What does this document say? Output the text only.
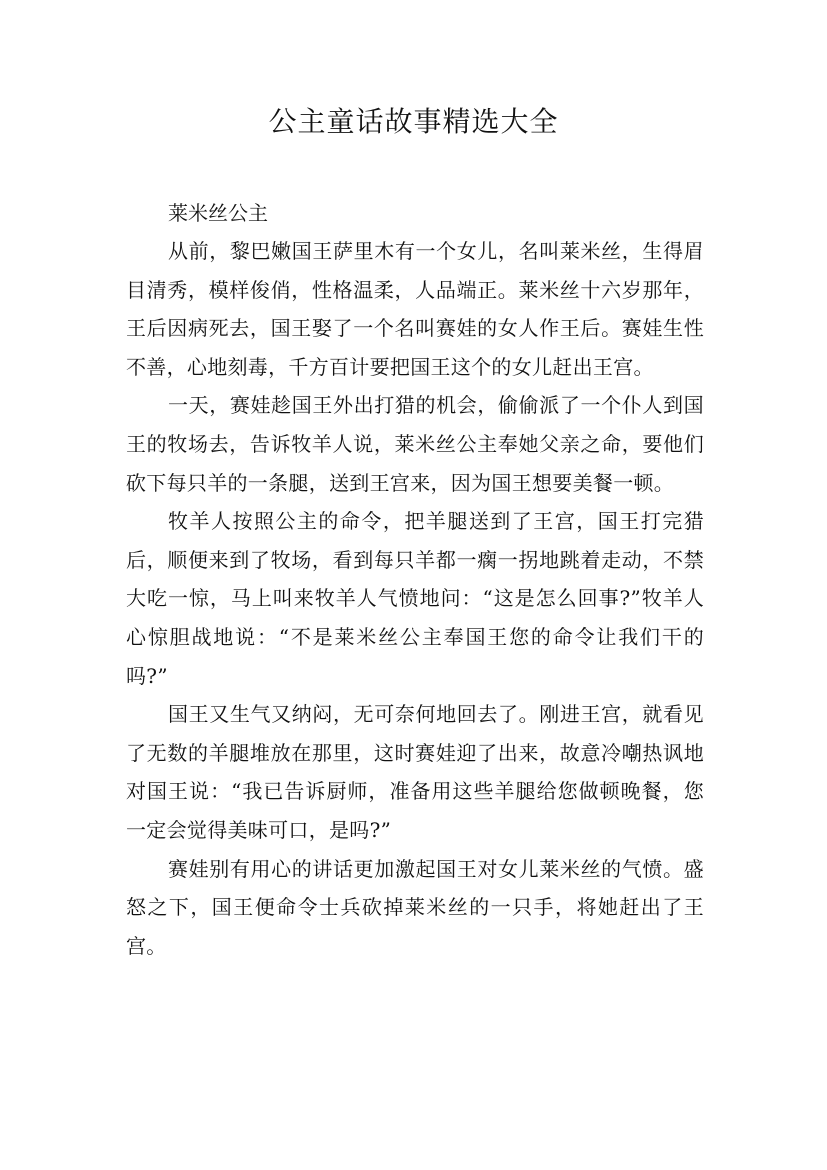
公主童话故事精选大全

莱米丝公主

从前，黎巴嫩国王萨里木有一个女儿，名叫莱米丝，生得眉目清秀，模样俊俏，性格温柔，人品端正。莱米丝十六岁那年，王后因病死去，国王娶了一个名叫赛娃的女人作王后。赛娃生性不善，心地刻毒，千方百计要把国王这个的女儿赶出王宫。

一天，赛娃趁国王外出打猎的机会，偷偷派了一个仆人到国王的牧场去，告诉牧羊人说，莱米丝公主奉她父亲之命，要他们砍下每只羊的一条腿，送到王宫来，因为国王想要美餐一顿。

牧羊人按照公主的命令，把羊腿送到了王宫，国王打完猎后，顺便来到了牧场，看到每只羊都一瘸一拐地跳着走动，不禁大吃一惊，马上叫来牧羊人气愤地问：“这是怎么回事?”牧羊人心惊胆战地说：“不是莱米丝公主奉国王您的命令让我们干的吗?”

国王又生气又纳闷，无可奈何地回去了。刚进王宫，就看见了无数的羊腿堆放在那里，这时赛娃迎了出来，故意冷嘲热讽地对国王说：“我已告诉厨师，准备用这些羊腿给您做顿晚餐，您一定会觉得美味可口，是吗?”

赛娃别有用心的讲话更加激起国王对女儿莱米丝的气愤。盛怒之下，国王便命令士兵砍掉莱米丝的一只手，将她赶出了王宫。
